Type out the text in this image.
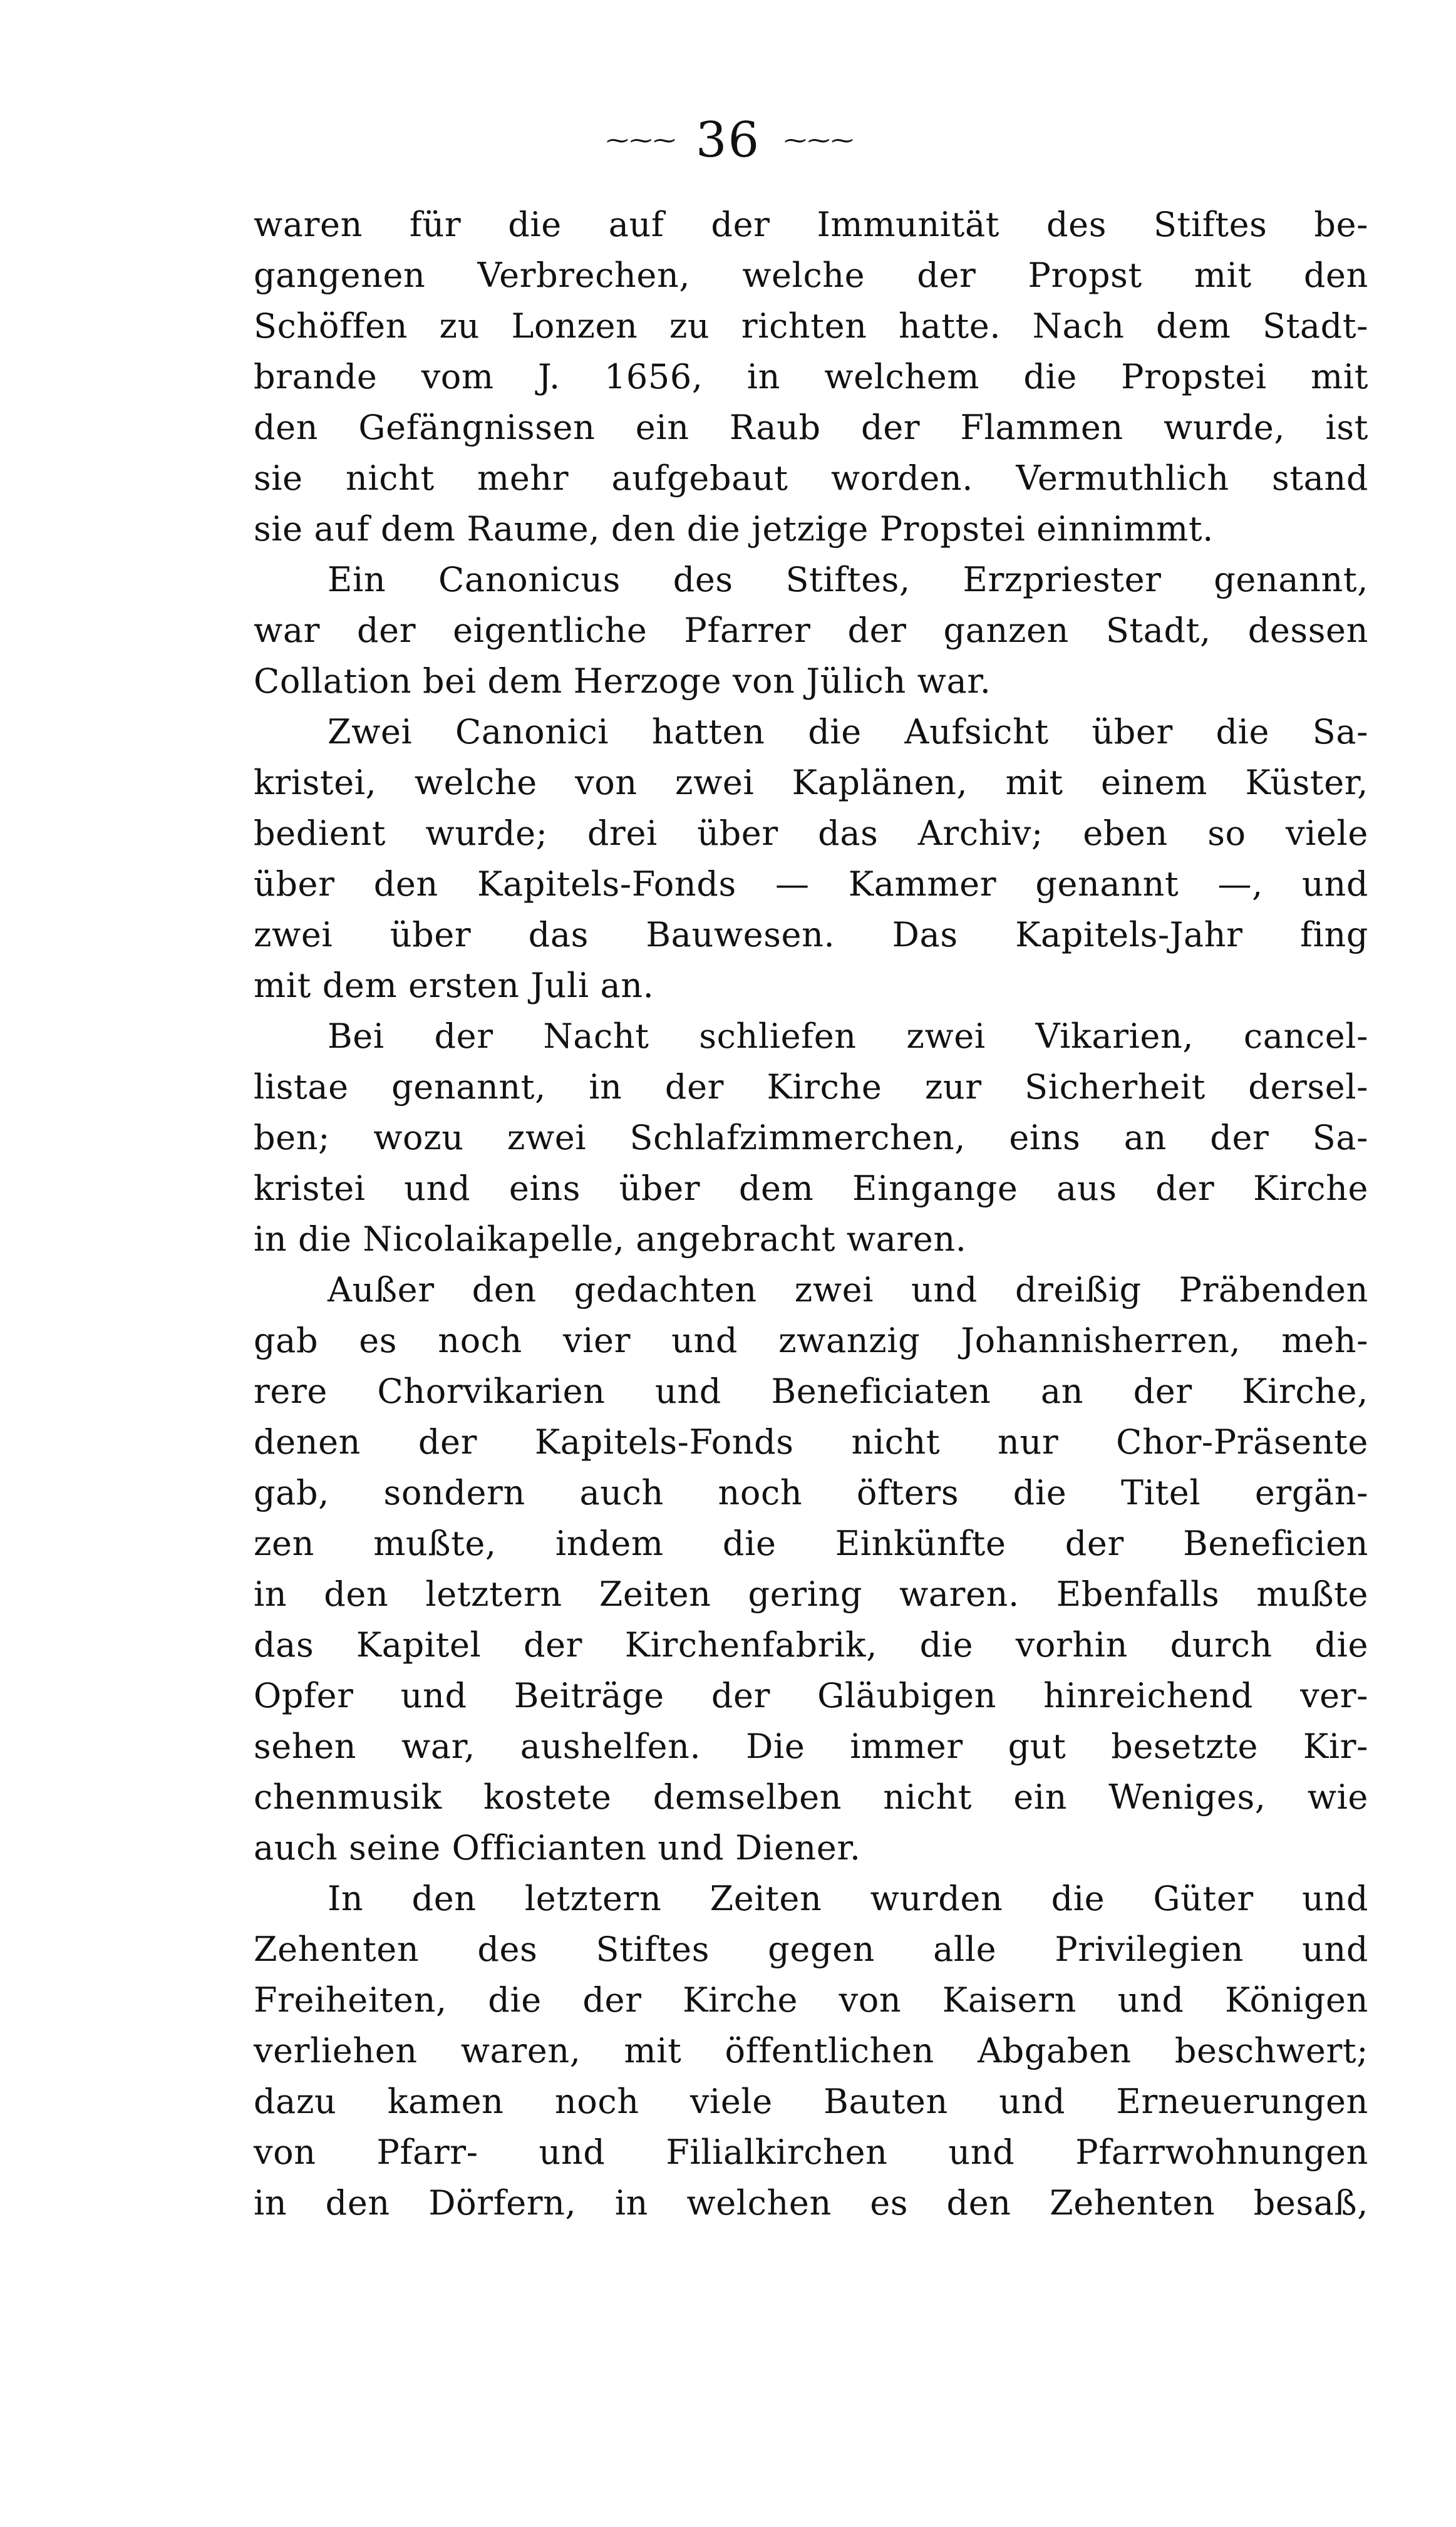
~~~ 36 ~~~
waren für die auf der Immunität des Stiftes be-
gangenen Verbrechen, welche der Propst mit den
Schöffen zu Lonzen zu richten hatte. Nach dem Stadt-
brande vom J. 1656, in welchem die Propstei mit
den Gefängnissen ein Raub der Flammen wurde, ist
sie nicht mehr aufgebaut worden. Vermuthlich stand
sie auf dem Raume, den die jetzige Propstei einnimmt.
Ein Canonicus des Stiftes, Erzpriester genannt,
war der eigentliche Pfarrer der ganzen Stadt, dessen
Collation bei dem Herzoge von Jülich war.
Zwei Canonici hatten die Aufsicht über die Sa-
kristei, welche von zwei Kaplänen, mit einem Küster,
bedient wurde; drei über das Archiv; eben so viele
über den Kapitels-Fonds — Kammer genannt —, und
zwei über das Bauwesen. Das Kapitels-Jahr fing
mit dem ersten Juli an.
Bei der Nacht schliefen zwei Vikarien, cancel-
listae genannt, in der Kirche zur Sicherheit dersel-
ben; wozu zwei Schlafzimmerchen, eins an der Sa-
kristei und eins über dem Eingange aus der Kirche
in die Nicolaikapelle, angebracht waren.
Außer den gedachten zwei und dreißig Präbenden
gab es noch vier und zwanzig Johannisherren, meh-
rere Chorvikarien und Beneficiaten an der Kirche,
denen der Kapitels-Fonds nicht nur Chor-Präsente
gab, sondern auch noch öfters die Titel ergän-
zen mußte, indem die Einkünfte der Beneficien
in den letztern Zeiten gering waren. Ebenfalls mußte
das Kapitel der Kirchenfabrik, die vorhin durch die
Opfer und Beiträge der Gläubigen hinreichend ver-
sehen war, aushelfen. Die immer gut besetzte Kir-
chenmusik kostete demselben nicht ein Weniges, wie
auch seine Officianten und Diener.
In den letztern Zeiten wurden die Güter und
Zehenten des Stiftes gegen alle Privilegien und
Freiheiten, die der Kirche von Kaisern und Königen
verliehen waren, mit öffentlichen Abgaben beschwert;
dazu kamen noch viele Bauten und Erneuerungen
von Pfarr- und Filialkirchen und Pfarrwohnungen
in den Dörfern, in welchen es den Zehenten besaß,
